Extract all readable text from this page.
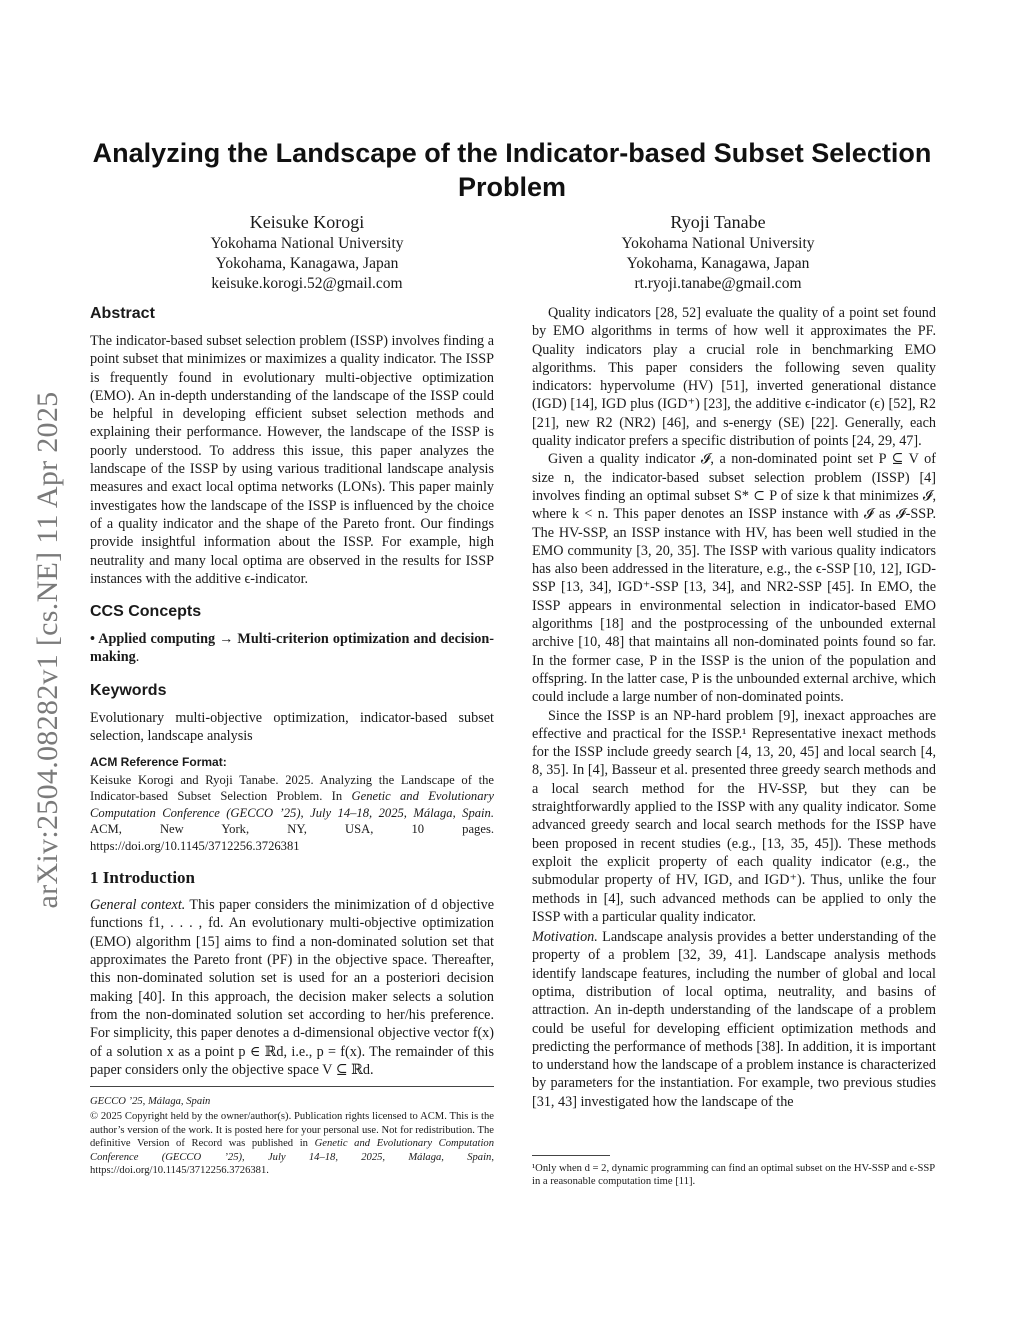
arXiv:2504.08282v1 [cs.NE] 11 Apr 2025
Analyzing the Landscape of the Indicator-based Subset Selection Problem
Keisuke Korogi
Yokohama National University
Yokohama, Kanagawa, Japan
keisuke.korogi.52@gmail.com
Ryoji Tanabe
Yokohama National University
Yokohama, Kanagawa, Japan
rt.ryoji.tanabe@gmail.com
Abstract

The indicator-based subset selection problem (ISSP) involves finding a point subset that minimizes or maximizes a quality indicator. The ISSP is frequently found in evolutionary multi-objective optimization (EMO). An in-depth understanding of the landscape of the ISSP could be helpful in developing efficient subset selection methods and explaining their performance. However, the landscape of the ISSP is poorly understood. To address this issue, this paper analyzes the landscape of the ISSP by using various traditional landscape analysis measures and exact local optima networks (LONs). This paper mainly investigates how the landscape of the ISSP is influenced by the choice of a quality indicator and the shape of the Pareto front. Our findings provide insightful information about the ISSP. For example, high neutrality and many local optima are observed in the results for ISSP instances with the additive ϵ-indicator.

CCS Concepts

• Applied computing → Multi-criterion optimization and decision-making.

Keywords

Evolutionary multi-objective optimization, indicator-based subset selection, landscape analysis

ACM Reference Format:

Keisuke Korogi and Ryoji Tanabe. 2025. Analyzing the Landscape of the Indicator-based Subset Selection Problem. In Genetic and Evolutionary Computation Conference (GECCO ’25), July 14–18, 2025, Málaga, Spain. ACM, New York, NY, USA, 10 pages. https://doi.org/10.1145/3712256.3726381

1 Introduction

General context. This paper considers the minimization of d objective functions f1, . . . , fd. An evolutionary multi-objective optimization (EMO) algorithm [15] aims to find a non-dominated solution set that approximates the Pareto front (PF) in the objective space. Thereafter, this non-dominated solution set is used for an a posteriori decision making [40]. In this approach, the decision maker selects a solution from the non-dominated solution set according to her/his preference. For simplicity, this paper denotes a d-dimensional objective vector f(x) of a solution x as a point p ∈ ℝd, i.e., p = f(x). The remainder of this paper considers only the objective space V ⊆ ℝd.

GECCO ’25, Málaga, Spain

© 2025 Copyright held by the owner/author(s). Publication rights licensed to ACM. This is the author’s version of the work. It is posted here for your personal use. Not for redistribution. The definitive Version of Record was published in Genetic and Evolutionary Computation Conference (GECCO ’25), July 14–18, 2025, Málaga, Spain, https://doi.org/10.1145/3712256.3726381.

Quality indicators [28, 52] evaluate the quality of a point set found by EMO algorithms in terms of how well it approximates the PF. Quality indicators play a crucial role in benchmarking EMO algorithms. This paper considers the following seven quality indicators: hypervolume (HV) [51], inverted generational distance (IGD) [14], IGD plus (IGD⁺) [23], the additive ϵ-indicator (ϵ) [52], R2 [21], new R2 (NR2) [46], and s-energy (SE) [22]. Generally, each quality indicator prefers a specific distribution of points [24, 29, 47].

Given a quality indicator 𝓘, a non-dominated point set P ⊆ V of size n, the indicator-based subset selection problem (ISSP) [4] involves finding an optimal subset S* ⊂ P of size k that minimizes 𝓘, where k < n. This paper denotes an ISSP instance with 𝓘 as 𝓘-SSP. The HV-SSP, an ISSP instance with HV, has been well studied in the EMO community [3, 20, 35]. The ISSP with various quality indicators has also been addressed in the literature, e.g., the ϵ-SSP [10, 12], IGD-SSP [13, 34], IGD⁺-SSP [13, 34], and NR2-SSP [45]. In EMO, the ISSP appears in environmental selection in indicator-based EMO algorithms [18] and the postprocessing of the unbounded external archive [10, 48] that maintains all non-dominated points found so far. In the former case, P in the ISSP is the union of the population and offspring. In the latter case, P is the unbounded external archive, which could include a large number of non-dominated points.

Since the ISSP is an NP-hard problem [9], inexact approaches are effective and practical for the ISSP.¹ Representative inexact methods for the ISSP include greedy search [4, 13, 20, 45] and local search [4, 8, 35]. In [4], Basseur et al. presented three greedy search methods and a local search method for the HV-SSP, but they can be straightforwardly applied to the ISSP with any quality indicator. Some advanced greedy search and local search methods for the ISSP have been proposed in recent studies (e.g., [13, 35, 45]). These methods exploit the explicit property of each quality indicator (e.g., the submodular property of HV, IGD, and IGD⁺). Thus, unlike the four methods in [4], such advanced methods can be applied to only the ISSP with a particular quality indicator.

Motivation. Landscape analysis provides a better understanding of the property of a problem [32, 39, 41]. Landscape analysis methods identify landscape features, including the number of global and local optima, distribution of local optima, neutrality, and basins of attraction. An in-depth understanding of the landscape of a problem could be useful for developing efficient optimization methods and predicting the performance of methods [38]. In addition, it is important to understand how the landscape of a problem instance is characterized by parameters for the instantiation. For example, two previous studies [31, 43] investigated how the landscape of the

¹Only when d = 2, dynamic programming can find an optimal subset on the HV-SSP and ϵ-SSP in a reasonable computation time [11].
